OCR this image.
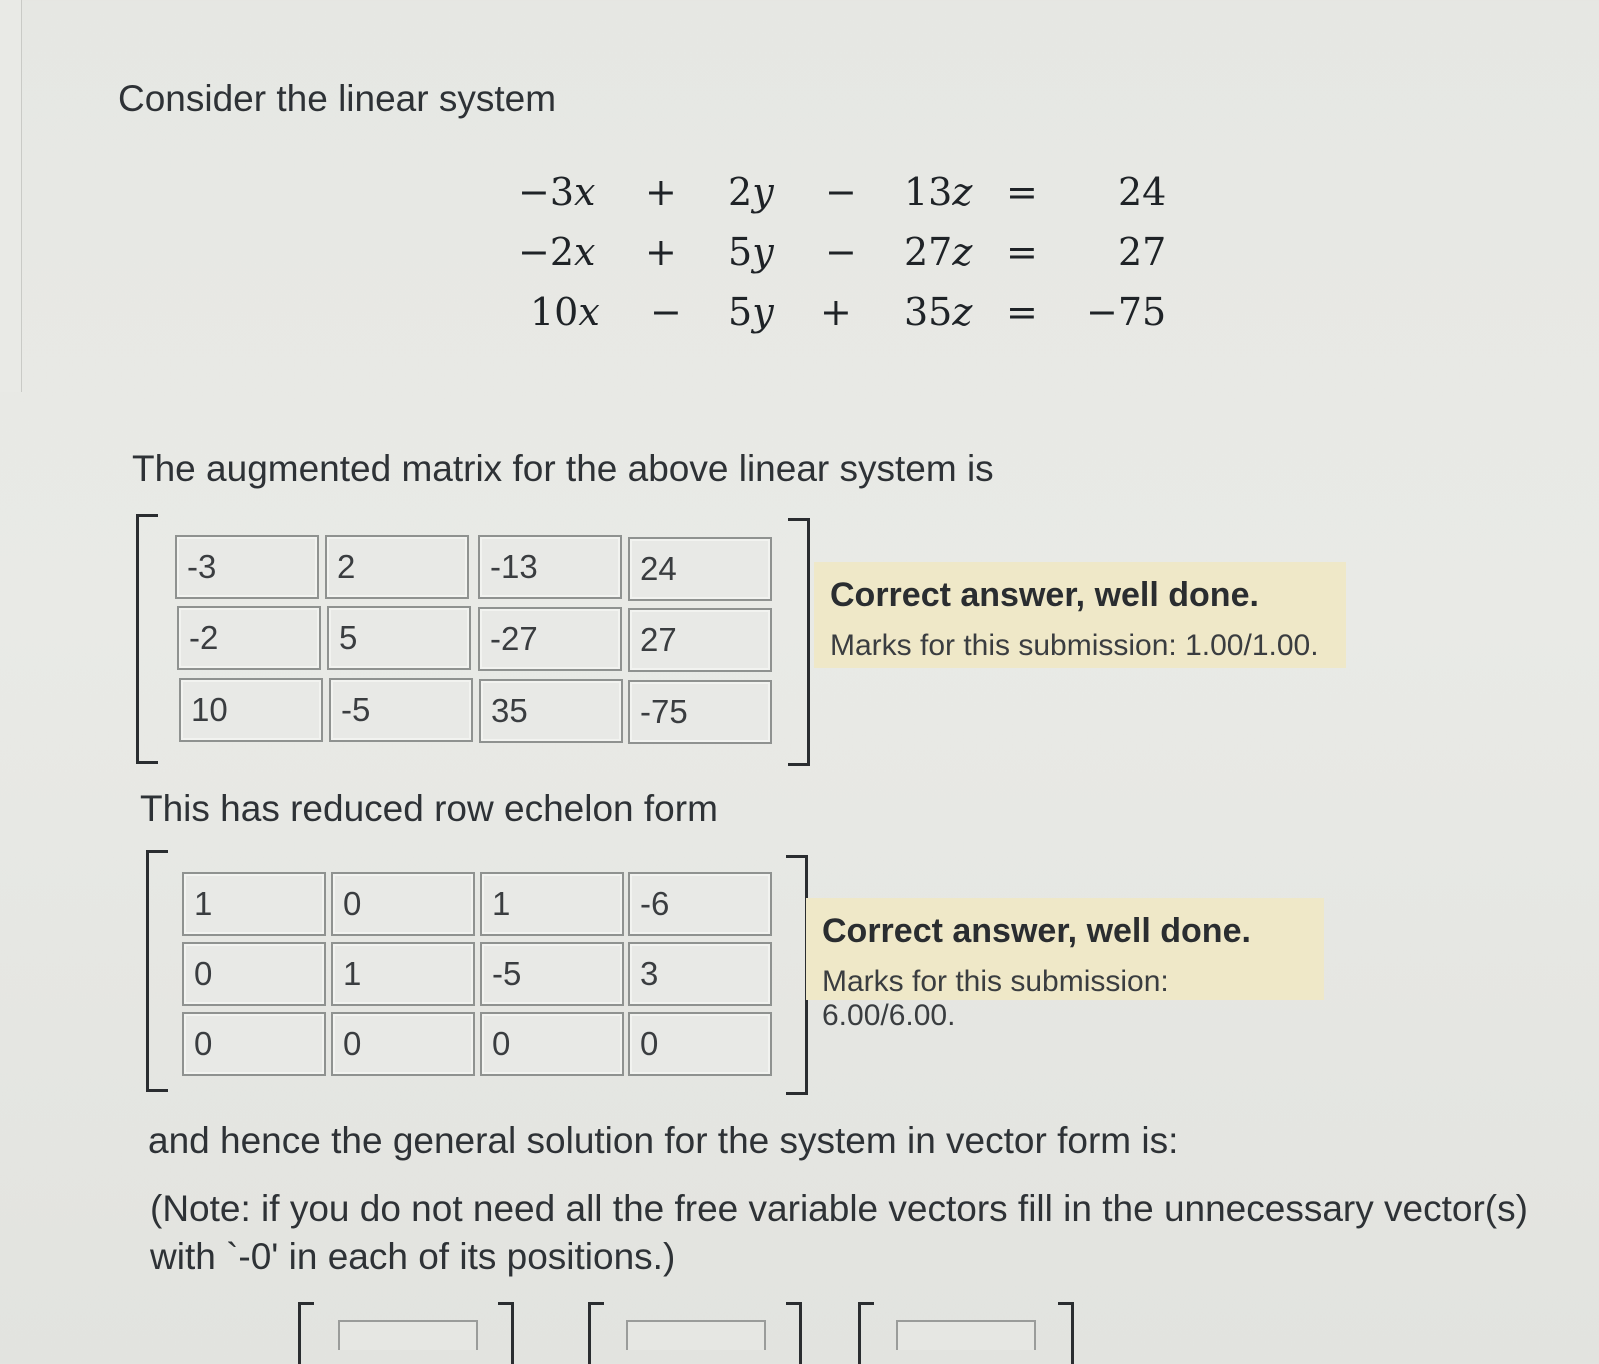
Consider the linear system
−3x + 2y − 13z = 24
−2x + 5y − 27z = 27
10x − 5y + 35z = −75
The augmented matrix for the above linear system is
-3	2	-13	24
-2	5	-27	27
10	-5	35	-75
Correct answer, well done.
Marks for this submission: 1.00/1.00.
This has reduced row echelon form
1	0	1	-6
0	1	-5	3
0	0	0	0
Correct answer, well done.
Marks for this submission: 6.00/6.00.
and hence the general solution for the system in vector form is:
(Note: if you do not need all the free variable vectors fill in the unnecessary vector(s)
with `-0' in each of its positions.)
